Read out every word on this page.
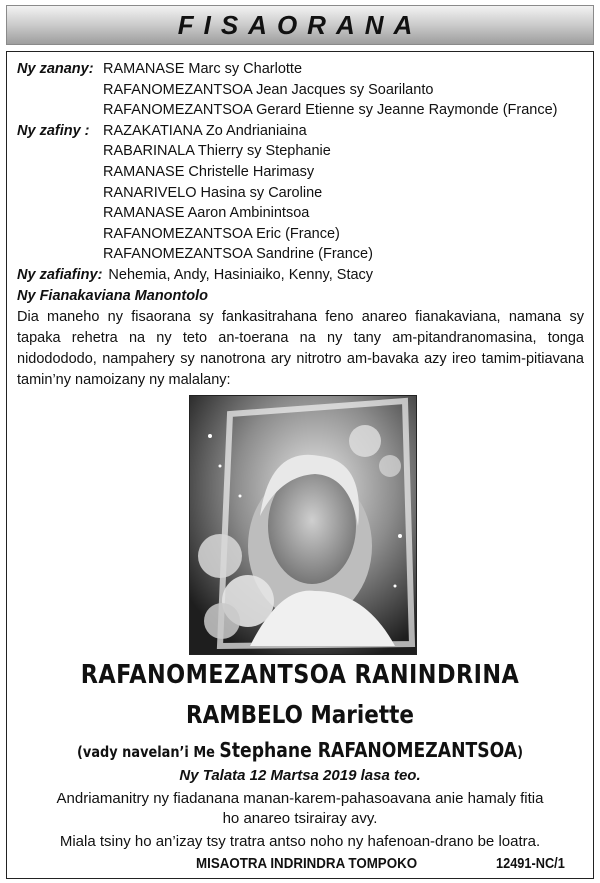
FISAORANA
Ny zanany: RAMANASE Marc sy Charlotte
RAFANOMEZANTSOA Jean Jacques sy Soarilanto
RAFANOMEZANTSOA Gerard Etienne sy Jeanne Raymonde (France)
Ny zafiny : RAZAKATIANA Zo Andrianiaina
RABARINALA Thierry sy Stephanie
RAMANASE Christelle Harimasy
RANARIVELO Hasina sy Caroline
RAMANASE Aaron Ambinintsoa
RAFANOMEZANTSOA Eric (France)
RAFANOMEZANTSOA Sandrine (France)
Ny zafiafiny: Nehemia, Andy, Hasiniaiko, Kenny, Stacy
Ny Fianakaviana Manontolo
Dia maneho ny fisaorana sy fankasitrahana feno anareo fianakaviana, namana sy tapaka rehetra na ny teto an-toerana na ny tany am-pitandranomasina, tonga nidodododo, nampahery sy nanotrona ary nitrotro am-bavaka azy ireo tamim-pitiavana tamin’ny namoizany ny malalany:
RAFANOMEZANTSOA RANINDRINA
RAMBELO Mariette
(vady navelan’i Me Stephane RAFANOMEZANTSOA)
Ny Talata 12 Martsa 2019 lasa teo.
Andriamanitry ny fiadanana manan-karem-pahasoavana anie hamaly fitia
ho anareo tsirairay avy.
Miala tsiny ho an’izay tsy tratra antso noho ny hafenoan-drano be loatra.
MISAOTRA INDRINDRA TOMPOKO	12491-NC/1
